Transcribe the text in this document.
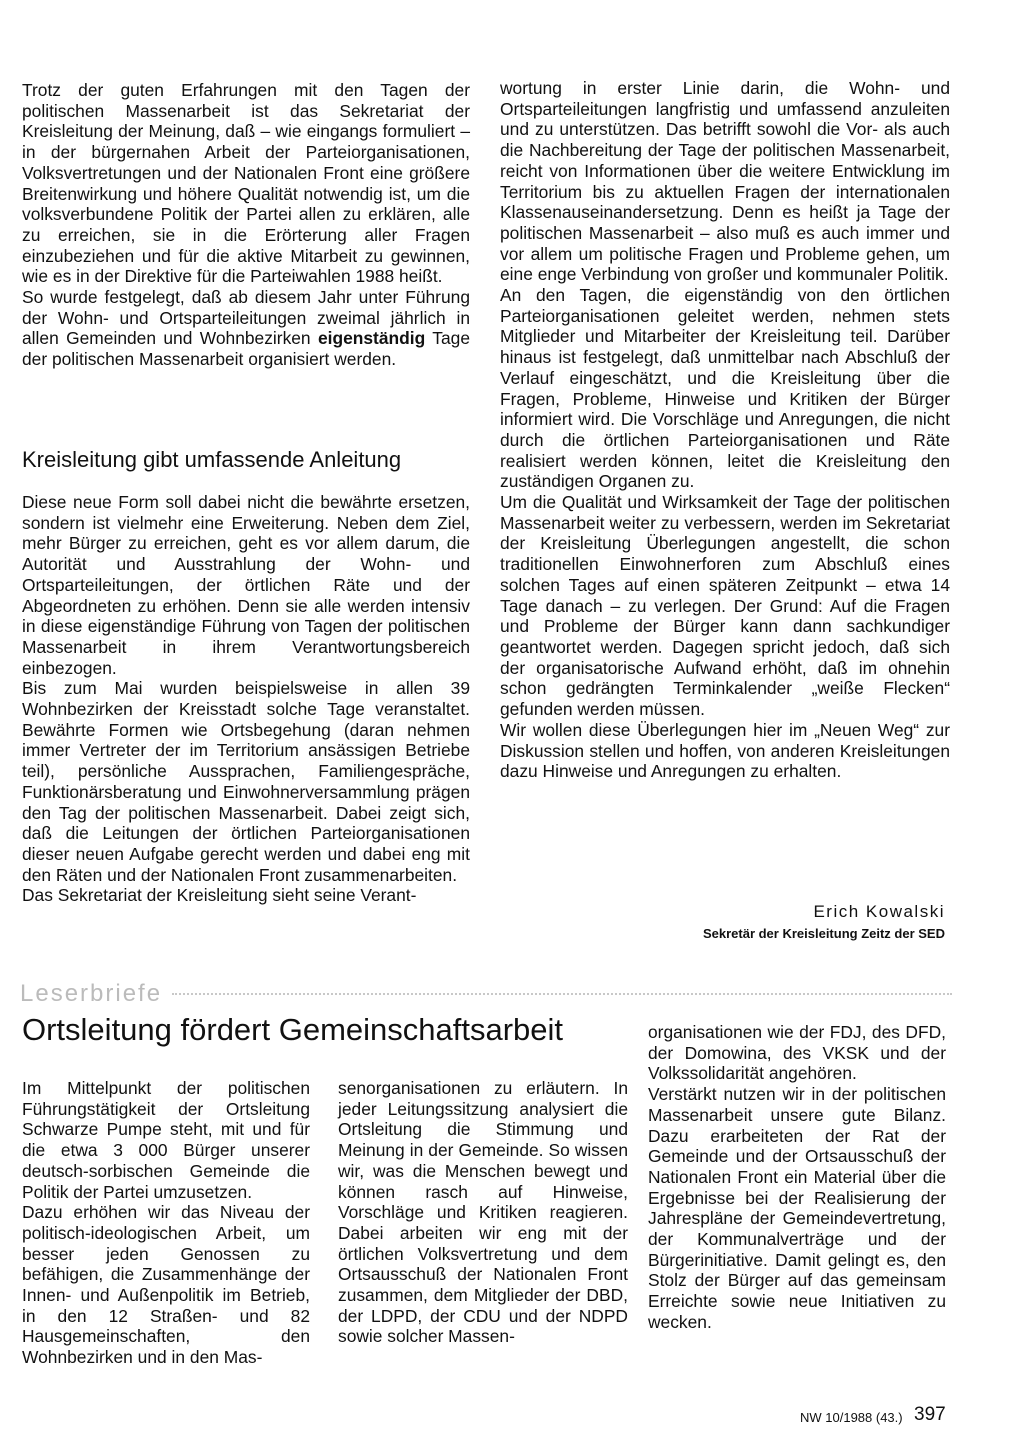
Trotz der guten Erfahrungen mit den Tagen der politischen Massenarbeit ist das Sekretariat der Kreisleitung der Meinung, daß – wie eingangs formuliert – in der bürgernahen Arbeit der Parteiorganisationen, Volksvertretungen und der Nationalen Front eine größere Breitenwirkung und höhere Qualität notwendig ist, um die volksverbundene Politik der Partei allen zu erklären, alle zu erreichen, sie in die Erörterung aller Fragen einzubeziehen und für die aktive Mitarbeit zu gewinnen, wie es in der Direktive für die Parteiwahlen 1988 heißt.

So wurde festgelegt, daß ab diesem Jahr unter Führung der Wohn- und Ortsparteileitungen zweimal jährlich in allen Gemeinden und Wohnbezirken eigenständig Tage der politischen Massenarbeit organisiert werden.

Kreisleitung gibt umfassende Anleitung

Diese neue Form soll dabei nicht die bewährte ersetzen, sondern ist vielmehr eine Erweiterung. Neben dem Ziel, mehr Bürger zu erreichen, geht es vor allem darum, die Autorität und Ausstrahlung der Wohn- und Ortsparteileitungen, der örtlichen Räte und der Abgeordneten zu erhöhen. Denn sie alle werden intensiv in diese eigenständige Führung von Tagen der politischen Massenarbeit in ihrem Verantwortungsbereich einbezogen.

Bis zum Mai wurden beispielsweise in allen 39 Wohnbezirken der Kreisstadt solche Tage veranstaltet. Bewährte Formen wie Ortsbegehung (daran nehmen immer Vertreter der im Territorium ansässigen Betriebe teil), persönliche Aussprachen, Familiengespräche, Funktionärsberatung und Einwohnerversammlung prägen den Tag der politischen Massenarbeit. Dabei zeigt sich, daß die Leitungen der örtlichen Parteiorganisationen dieser neuen Aufgabe gerecht werden und dabei eng mit den Räten und der Nationalen Front zusammenarbeiten.

Das Sekretariat der Kreisleitung sieht seine Verant-

wortung in erster Linie darin, die Wohn- und Ortsparteileitungen langfristig und umfassend anzuleiten und zu unterstützen. Das betrifft sowohl die Vor- als auch die Nachbereitung der Tage der politischen Massenarbeit, reicht von Informationen über die weitere Entwicklung im Territorium bis zu aktuellen Fragen der internationalen Klassenauseinandersetzung. Denn es heißt ja Tage der politischen Massenarbeit – also muß es auch immer und vor allem um politische Fragen und Probleme gehen, um eine enge Verbindung von großer und kommunaler Politik.

An den Tagen, die eigenständig von den örtlichen Parteiorganisationen geleitet werden, nehmen stets Mitglieder und Mitarbeiter der Kreisleitung teil. Darüber hinaus ist festgelegt, daß unmittelbar nach Abschluß der Verlauf eingeschätzt, und die Kreisleitung über die Fragen, Probleme, Hinweise und Kritiken der Bürger informiert wird. Die Vorschläge und Anregungen, die nicht durch die örtlichen Parteiorganisationen und Räte realisiert werden können, leitet die Kreisleitung den zuständigen Organen zu.

Um die Qualität und Wirksamkeit der Tage der politischen Massenarbeit weiter zu verbessern, werden im Sekretariat der Kreisleitung Überlegungen angestellt, die schon traditionellen Einwohnerforen zum Abschluß eines solchen Tages auf einen späteren Zeitpunkt – etwa 14 Tage danach – zu verlegen. Der Grund: Auf die Fragen und Probleme der Bürger kann dann sachkundiger geantwortet werden. Dagegen spricht jedoch, daß sich der organisatorische Aufwand erhöht, daß im ohnehin schon gedrängten Terminkalender „weiße Flecken“ gefunden werden müssen.

Wir wollen diese Überlegungen hier im „Neuen Weg“ zur Diskussion stellen und hoffen, von anderen Kreisleitungen dazu Hinweise und Anregungen zu erhalten.

Erich Kowalski
Sekretär der Kreisleitung Zeitz der SED
Leserbriefe
Ortsleitung fördert Gemeinschaftsarbeit

Im Mittelpunkt der politischen Führungstätigkeit der Ortsleitung Schwarze Pumpe steht, mit und für die etwa 3 000 Bürger unserer deutsch-sorbischen Gemeinde die Politik der Partei umzusetzen.

Dazu erhöhen wir das Niveau der politisch-ideologischen Arbeit, um besser jeden Genossen zu befähigen, die Zusammenhänge der Innen- und Außenpolitik im Betrieb, in den 12 Straßen- und 82 Hausgemeinschaften, den Wohnbezirken und in den Mas-

senorganisationen zu erläutern. In jeder Leitungssitzung analysiert die Ortsleitung die Stimmung und Meinung in der Gemeinde. So wissen wir, was die Menschen bewegt und können rasch auf Hinweise, Vorschläge und Kritiken reagieren. Dabei arbeiten wir eng mit der örtlichen Volksvertretung und dem Ortsausschuß der Nationalen Front zusammen, dem Mitglieder der DBD, der LDPD, der CDU und der NDPD sowie solcher Massen-

organisationen wie der FDJ, des DFD, der Domowina, des VKSK und der Volkssolidarität angehören.

Verstärkt nutzen wir in der politischen Massenarbeit unsere gute Bilanz. Dazu erarbeiteten der Rat der Gemeinde und der Ortsausschuß der Nationalen Front ein Material über die Ergebnisse bei der Realisierung der Jahrespläne der Gemeindevertretung, der Kommunalverträge und der Bürgerinitiative. Damit gelingt es, den Stolz der Bürger auf das gemeinsam Erreichte sowie neue Initiativen zu wecken.

NW 10/1988 (43.) 397
